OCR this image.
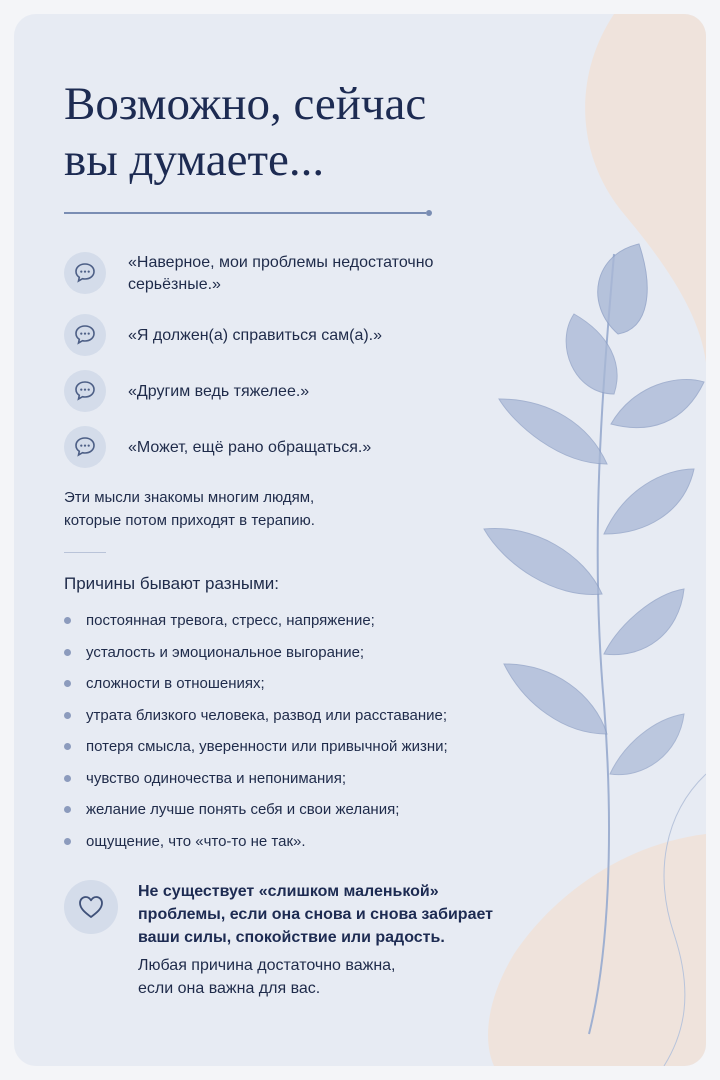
Возможно, сейчас
вы думаете...
«Наверное, мои проблемы недостаточно серьёзные.»
«Я должен(а) справиться сам(а).»
«Другим ведь тяжелее.»
«Может, ещё рано обращаться.»
Эти мысли знакомы многим людям,
которые потом приходят в терапию.
Причины бывают разными:
постоянная тревога, стресс, напряжение;
усталость и эмоциональное выгорание;
сложности в отношениях;
утрата близкого человека, развод или расставание;
потеря смысла, уверенности или привычной жизни;
чувство одиночества и непонимания;
желание лучше понять себя и свои желания;
ощущение, что «что-то не так».
Не существует «слишком маленькой»
проблемы, если она снова и снова забирает
ваши силы, спокойствие или радость.
Любая причина достаточно важна,
если она важна для вас.
